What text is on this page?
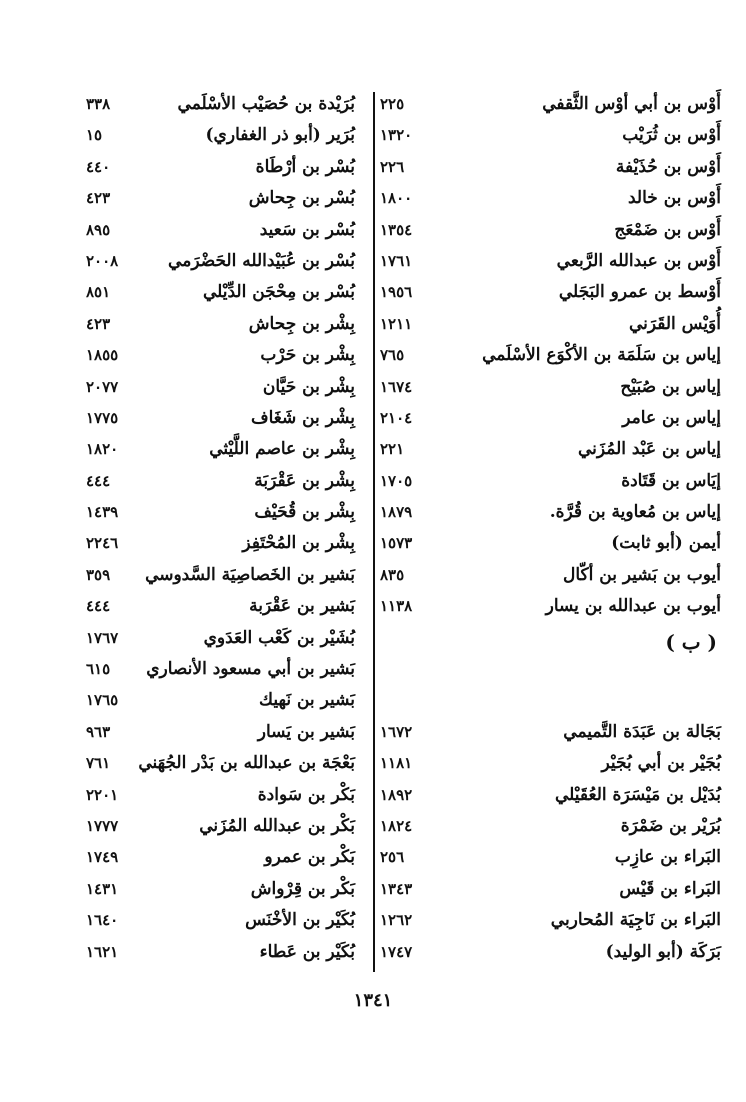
أَوْس بن أبي أوْس الثَّقفي
٢٢٥
أَوْس بن ثُرَيْب
١٣٢٠
أَوْس بن حُذَيْفة
٢٢٦
أَوْس بن خالد
١٨٠٠
أَوْس بن ضَمْعَج
١٣٥٤
أَوْس بن عبدالله الرَّبعي
١٧٦١
أَوْسط بن عمرو البَجَلي
١٩٥٦
أُوَيْس القَرَني
١٢١١
إياس بن سَلَمَة بن الأكْوَع الأسْلَمي
٧٦٥
إياس بن صُبَيْح
١٦٧٤
إياس بن عامر
٢١٠٤
إياس بن عَبْد المُزَني
٢٢١
إيَاس بن قَتَادة
١٧٠٥
إياس بن مُعاوية بن قُرَّة.
١٨٧٩
أيمن (أبو ثابت)
١٥٧٣
أيوب بن بَشير بن أكّال
٨٣٥
أيوب بن عبدالله بن يسار
١١٣٨
( ب )
بَجَالة بن عَبَدَة التَّميمي
١٦٧٢
بُجَيْر بن أبي بُجَيْر
١١٨١
بُدَيْل بن مَيْسَرَة العُقَيْلي
١٨٩٢
بُرَيْر بن ضَمْرَة
١٨٢٤
البَراء بن عازِب
٢٥٦
البَراء بن قَيْس
١٣٤٣
البَراء بن نَاجِيَة المُحاربي
١٢٦٢
بَرَكَة (أبو الوليد)
١٧٤٧
بُرَيْدة بن حُصَيْب الأسْلَمي
٣٣٨
بُرَير (أبو ذر الغفاري)
١٥
بُسْر بن أرْطَاة
٤٤٠
بُسْر بن جِحاش
٤٢٣
بُسْر بن سَعيد
٨٩٥
بُسْر بن عُبَيْدالله الحَضْرَمي
٢٠٠٨
بُسْر بن مِحْجَن الدِّيْلي
٨٥١
بِشْر بن جِحاش
٤٢٣
بِشْر بن حَرْب
١٨٥٥
بِشْر بن حَيَّان
٢٠٧٧
بِشْر بن شَغَاف
١٧٧٥
بِشْر بن عاصم اللَّيْثي
١٨٢٠
بِشْر بن عَقْرَبَة
٤٤٤
بِشْر بن قُحَيْف
١٤٣٩
بِشْر بن المُحْتَفِز
٢٢٤٦
بَشير بن الخَصاصِيَة السَّدوسي
٣٥٩
بَشير بن عَقْرَبة
٤٤٤
بُشَيْر بن كَعْب العَدَوي
١٧٦٧
بَشير بن أبي مسعود الأنصاري
٦١٥
بَشير بن نَهيك
١٧٦٥
بَشير بن يَسار
٩٦٣
بَعْجَة بن عبدالله بن بَدْر الجُهَني
٧٦١
بَكْر بن سَوادة
٢٢٠١
بَكْر بن عبدالله المُزَني
١٧٧٧
بَكْر بن عمرو
١٧٤٩
بَكْر بن قِرْواش
١٤٣١
بُكَيْر بن الأخْنَس
١٦٤٠
بُكَيْر بن عَطاء
١٦٢١
١٣٤١
